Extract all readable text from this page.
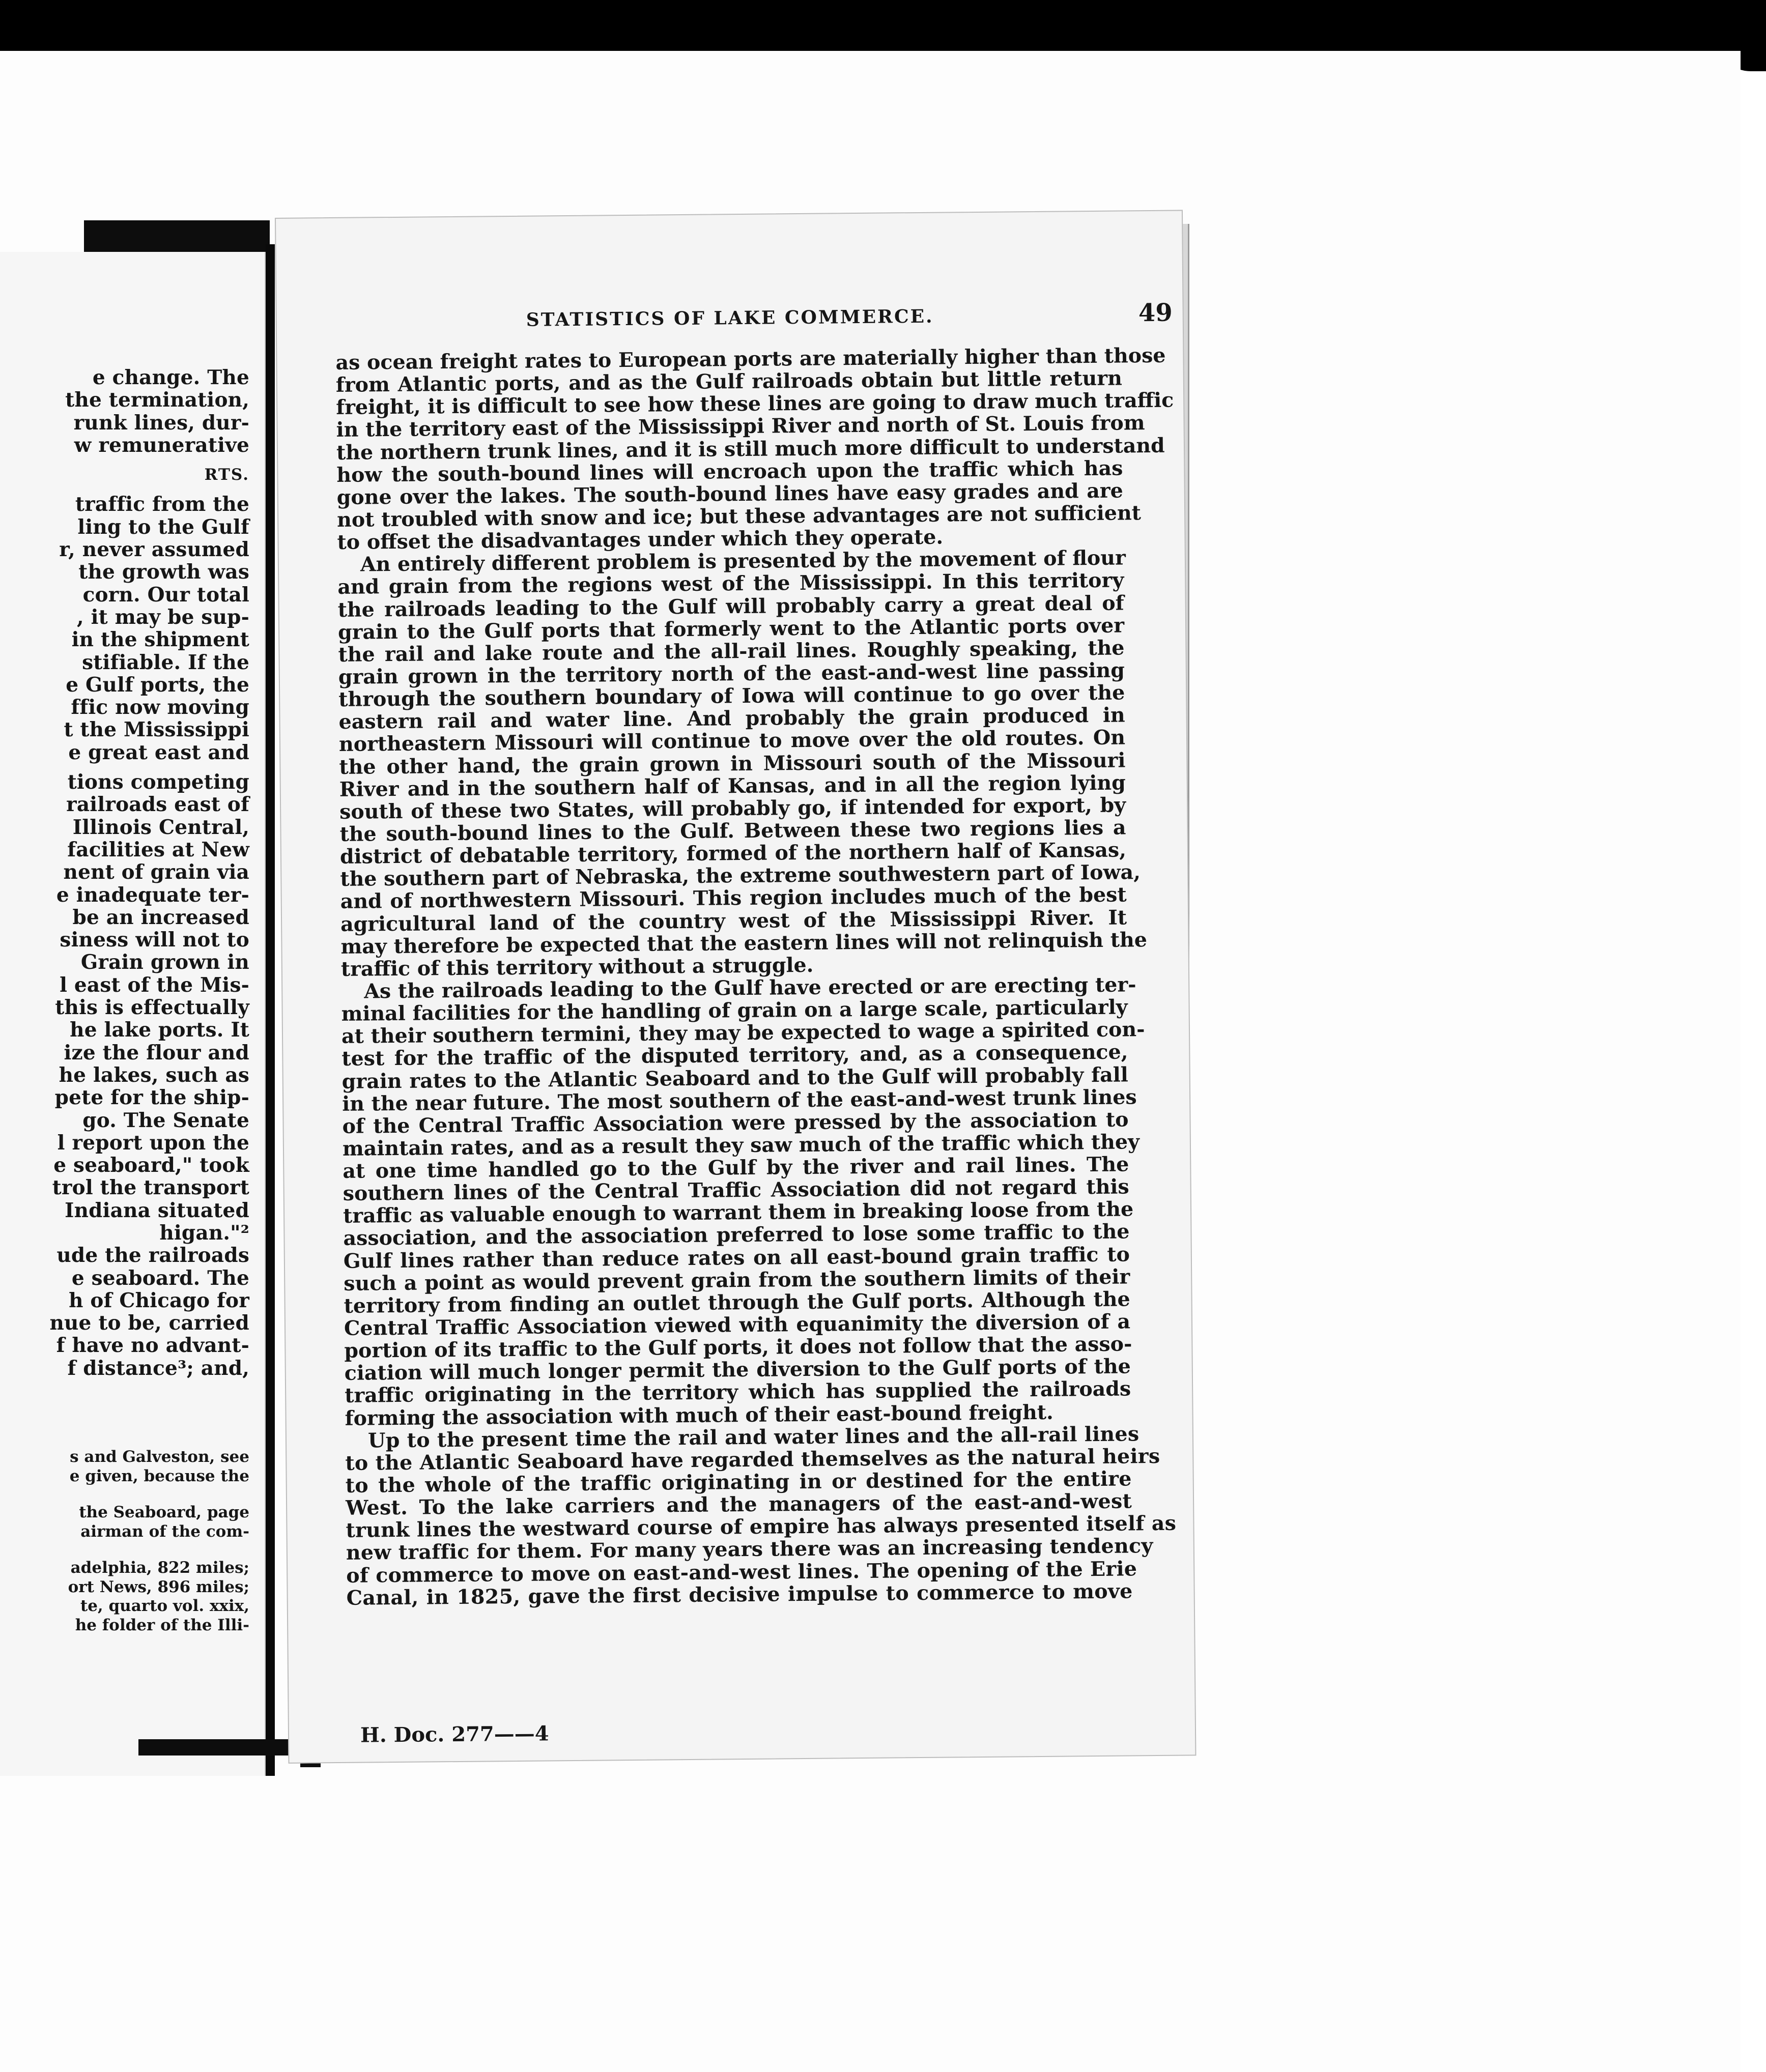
e change. The
the termination,
runk lines, dur-
w remunerative
RTS.
traffic from the
ling to the Gulf
r, never assumed
the growth was
corn. Our total
, it may be sup-
in the shipment
stifiable. If the
e Gulf ports, the
ffic now moving
t the Mississippi
e great east and
tions competing
railroads east of
Illinois Central,
facilities at New
nent of grain via
e inadequate ter-
be an increased
siness will not to
Grain grown in
l east of the Mis-
this is effectually
he lake ports. It
ize the flour and
he lakes, such as
pete for the ship-
go. The Senate
l report upon the
e seaboard," took
trol the transport
Indiana situated
higan."²
ude the railroads
e seaboard. The
h of Chicago for
nue to be, carried
f have no advant-
f distance³; and,
s and Galveston, see
e given, because the
the Seaboard, page
airman of the com-
adelphia, 822 miles;
ort News, 896 miles;
te, quarto vol. xxix,
he folder of the Illi-
STATISTICS OF LAKE COMMERCE.	49
as ocean freight rates to European ports are materially higher than those
from Atlantic ports, and as the Gulf railroads obtain but little return
freight, it is difficult to see how these lines are going to draw much traffic
in the territory east of the Mississippi River and north of St. Louis from
the northern trunk lines, and it is still much more difficult to understand
how the south-bound lines will encroach upon the traffic which has
gone over the lakes. The south-bound lines have easy grades and are
not troubled with snow and ice; but these advantages are not sufficient
to offset the disadvantages under which they operate.
An entirely different problem is presented by the movement of flour
and grain from the regions west of the Mississippi. In this territory
the railroads leading to the Gulf will probably carry a great deal of
grain to the Gulf ports that formerly went to the Atlantic ports over
the rail and lake route and the all-rail lines. Roughly speaking, the
grain grown in the territory north of the east-and-west line passing
through the southern boundary of Iowa will continue to go over the
eastern rail and water line. And probably the grain produced in
northeastern Missouri will continue to move over the old routes. On
the other hand, the grain grown in Missouri south of the Missouri
River and in the southern half of Kansas, and in all the region lying
south of these two States, will probably go, if intended for export, by
the south-bound lines to the Gulf. Between these two regions lies a
district of debatable territory, formed of the northern half of Kansas,
the southern part of Nebraska, the extreme southwestern part of Iowa,
and of northwestern Missouri. This region includes much of the best
agricultural land of the country west of the Mississippi River. It
may therefore be expected that the eastern lines will not relinquish the
traffic of this territory without a struggle.
As the railroads leading to the Gulf have erected or are erecting ter-
minal facilities for the handling of grain on a large scale, particularly
at their southern termini, they may be expected to wage a spirited con-
test for the traffic of the disputed territory, and, as a consequence,
grain rates to the Atlantic Seaboard and to the Gulf will probably fall
in the near future. The most southern of the east-and-west trunk lines
of the Central Traffic Association were pressed by the association to
maintain rates, and as a result they saw much of the traffic which they
at one time handled go to the Gulf by the river and rail lines. The
southern lines of the Central Traffic Association did not regard this
traffic as valuable enough to warrant them in breaking loose from the
association, and the association preferred to lose some traffic to the
Gulf lines rather than reduce rates on all east-bound grain traffic to
such a point as would prevent grain from the southern limits of their
territory from finding an outlet through the Gulf ports. Although the
Central Traffic Association viewed with equanimity the diversion of a
portion of its traffic to the Gulf ports, it does not follow that the asso-
ciation will much longer permit the diversion to the Gulf ports of the
traffic originating in the territory which has supplied the railroads
forming the association with much of their east-bound freight.
Up to the present time the rail and water lines and the all-rail lines
to the Atlantic Seaboard have regarded themselves as the natural heirs
to the whole of the traffic originating in or destined for the entire
West. To the lake carriers and the managers of the east-and-west
trunk lines the westward course of empire has always presented itself as
new traffic for them. For many years there was an increasing tendency
of commerce to move on east-and-west lines. The opening of the Erie
Canal, in 1825, gave the first decisive impulse to commerce to move
H. Doc. 277——4
